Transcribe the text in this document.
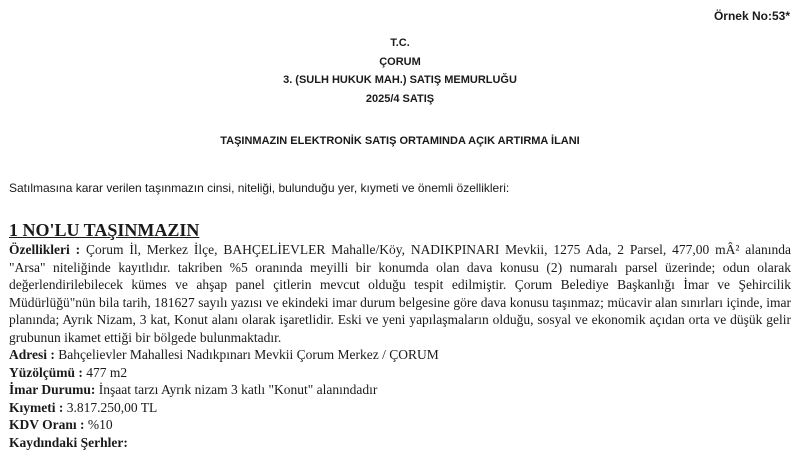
Örnek No:53*
T.C.
ÇORUM
3. (SULH HUKUK MAH.) SATIŞ MEMURLUĞU
2025/4 SATIŞ
TAŞINMAZIN ELEKTRONİK SATIŞ ORTAMINDA AÇIK ARTIRMA İLANI
Satılmasına karar verilen taşınmazın cinsi, niteliği, bulunduğu yer, kıymeti ve önemli özellikleri:
1 NO'LU TAŞINMAZIN
Özellikleri : Çorum İl, Merkez İlçe, BAHÇELİEVLER Mahalle/Köy, NADIKPINARI Mevkii, 1275 Ada, 2 Parsel, 477,00 mÂ² alanında "Arsa" niteliğinde kayıtlıdır. takriben %5 oranında meyilli bir konumda olan dava konusu (2) numaralı parsel üzerinde; odun olarak değerlendirilebilecek kümes ve ahşap panel çitlerin mevcut olduğu tespit edilmiştir. Çorum Belediye Başkanlığı İmar ve Şehircilik Müdürlüğü"nün bila tarih, 181627 sayılı yazısı ve ekindeki imar durum belgesine göre dava konusu taşınmaz; mücavir alan sınırları içinde, imar planında; Ayrık Nizam, 3 kat, Konut alanı olarak işaretlidir. Eski ve yeni yapılaşmaların olduğu, sosyal ve ekonomik açıdan orta ve düşük gelir grubunun ikamet ettiği bir bölgede bulunmaktadır.
Adresi : Bahçelievler Mahallesi Nadıkpınarı Mevkii Çorum Merkez / ÇORUM
Yüzölçümü : 477 m2
İmar Durumu: İnşaat tarzı Ayrık nizam 3 katlı "Konut" alanındadır
Kıymeti : 3.817.250,00 TL
KDV Oranı : %10
Kaydındaki Şerhler:
